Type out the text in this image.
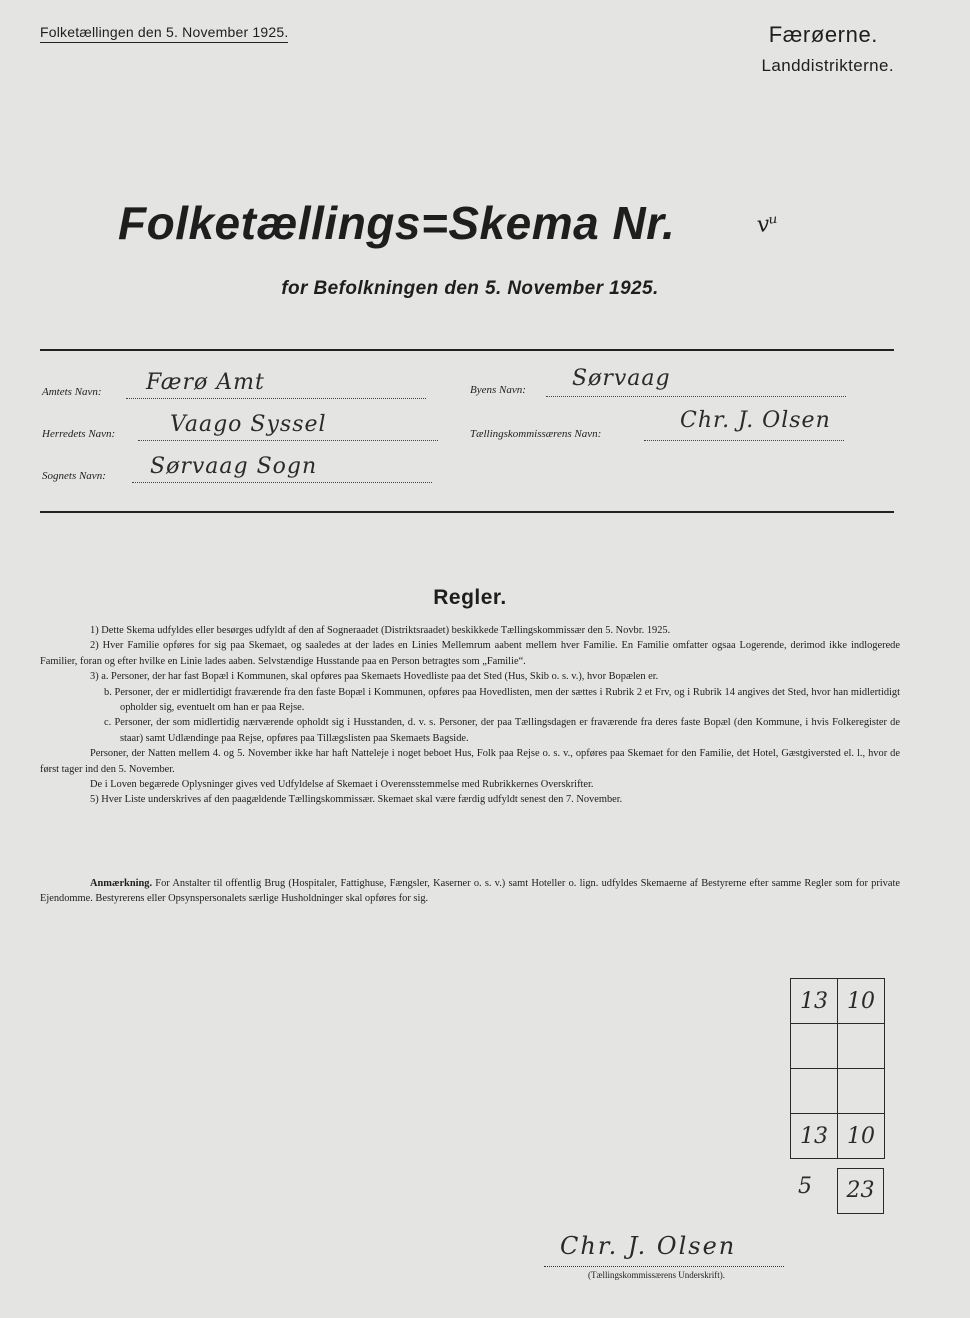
Folketællingen den 5. November 1925.	Færøerne.
Landdistrikterne.
Folketællings=Skema Nr.	vᵘ
for Befolkningen den 5. November 1925.
Amtets Navn: Færø Amt
Herredets Navn: Vaago Syssel
Sognets Navn: Sørvaag Sogn
Byens Navn: Sørvaag
Tællingskommissærens Navn:
Chr. J. Olsen
Regler.

1) Dette Skema udfyldes eller besørges udfyldt af den af Sogneraadet (Distriktsraadet) beskikkede Tællingskommissær den 5. Novbr. 1925.

2) Hver Familie opføres for sig paa Skemaet, og saaledes at der lades en Linies Mellemrum aabent mellem hver Familie. En Familie omfatter ogsaa Logerende, derimod ikke indlogerede Familier, foran og efter hvilke en Linie lades aaben. Selvstændige Husstande paa en Person betragtes som „Familie“.

3) a. Personer, der har fast Bopæl i Kommunen, skal opføres paa Skemaets Hovedliste paa det Sted (Hus, Skib o. s. v.), hvor Bopælen er.

b. Personer, der er midlertidigt fraværende fra den faste Bopæl i Kommunen, opføres paa Hovedlisten, men der sættes i Rubrik 2 et Frv, og i Rubrik 14 angives det Sted, hvor han midlertidigt opholder sig, eventuelt om han er paa Rejse.

c. Personer, der som midlertidig nærværende opholdt sig i Husstanden, d. v. s. Personer, der paa Tællingsdagen er fraværende fra deres faste Bopæl (den Kommune, i hvis Folkeregister de staar) samt Udlændinge paa Rejse, opføres paa Tillægslisten paa Skemaets Bagside.

Personer, der Natten mellem 4. og 5. November ikke har haft Natteleje i noget beboet Hus, Folk paa Rejse o. s. v., opføres paa Skemaet for den Familie, det Hotel, Gæstgiversted el. l., hvor de først tager ind den 5. November.

De i Loven begærede Oplysninger gives ved Udfyldelse af Skemaet i Overensstemmelse med Rubrikkernes Overskrifter.

5) Hver Liste underskrives af den paagældende Tællingskommissær. Skemaet skal være færdig udfyldt senest den 7. November.

Anmærkning. For Anstalter til offentlig Brug (Hospitaler, Fattighuse, Fængsler, Kaserner o. s. v.) samt Hoteller o. lign. udfyldes Skemaerne af Bestyrerne efter samme Regler som for private Ejendomme. Bestyrerens eller Opsynspersonalets særlige Husholdninger skal opføres for sig.
13	10

13	10
5	23
Chr. J. Olsen
(Tællingskommissærens Underskrift).
